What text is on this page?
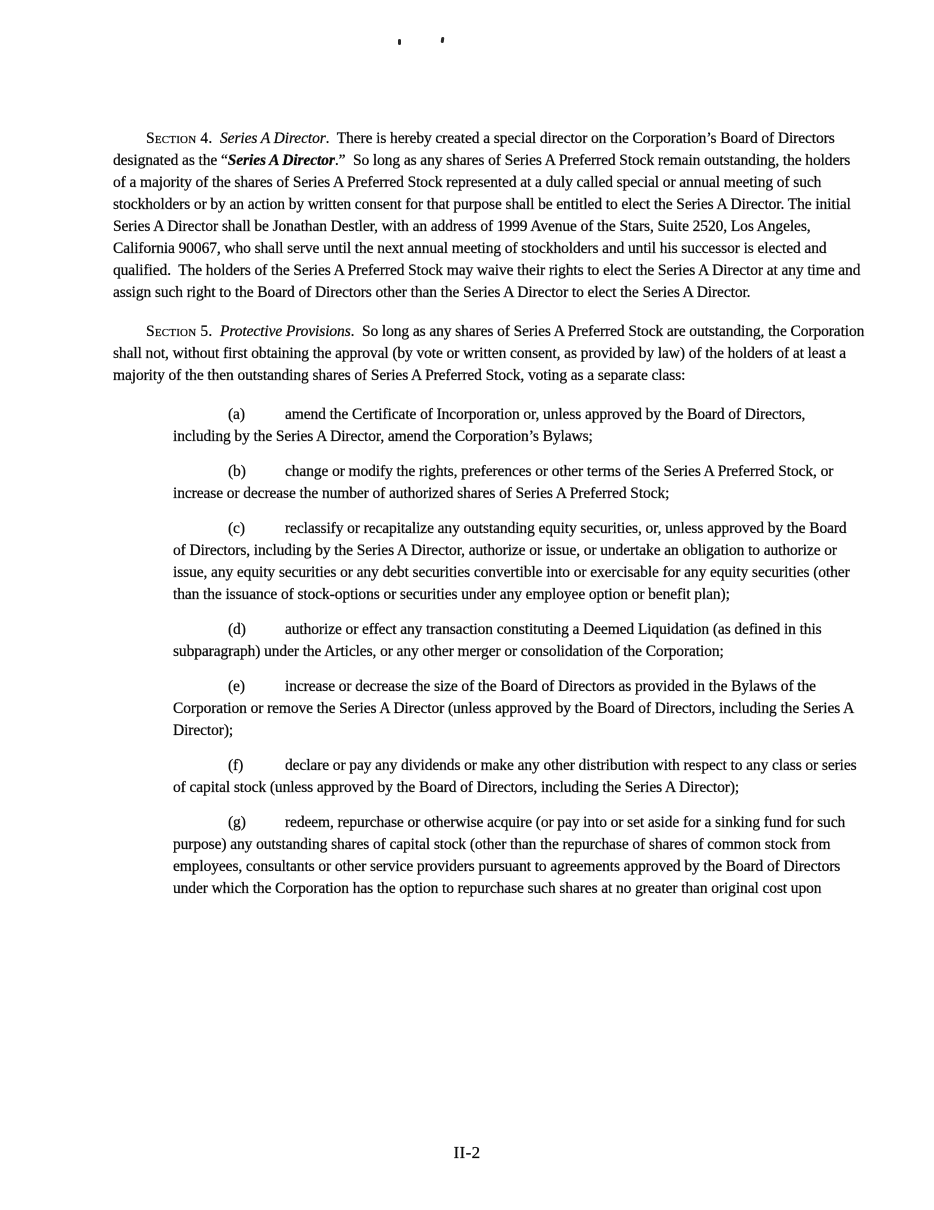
Section 4. Series A Director.  There is hereby created a special director on the Corporation’s Board of Directors designated as the “Series A Director.”  So long as any shares of Series A Preferred Stock remain outstanding, the holders of a majority of the shares of Series A Preferred Stock represented at a duly called special or annual meeting of such stockholders or by an action by written consent for that purpose shall be entitled to elect the Series A Director. The initial Series A Director shall be Jonathan Destler, with an address of 1999 Avenue of the Stars, Suite 2520, Los Angeles, California 90067, who shall serve until the next annual meeting of stockholders and until his successor is elected and qualified.  The holders of the Series A Preferred Stock may waive their rights to elect the Series A Director at any time and assign such right to the Board of Directors other than the Series A Director to elect the Series A Director.

Section 5. Protective Provisions.  So long as any shares of Series A Preferred Stock are outstanding, the Corporation shall not, without first obtaining the approval (by vote or written consent, as provided by law) of the holders of at least a majority of the then outstanding shares of Series A Preferred Stock, voting as a separate class:

(a)	amend the Certificate of Incorporation or, unless approved by the Board of Directors, including by the Series A Director, amend the Corporation’s Bylaws;

(b)	change or modify the rights, preferences or other terms of the Series A Preferred Stock, or increase or decrease the number of authorized shares of Series A Preferred Stock;

(c)	reclassify or recapitalize any outstanding equity securities, or, unless approved by the Board of Directors, including by the Series A Director, authorize or issue, or undertake an obligation to authorize or issue, any equity securities or any debt securities convertible into or exercisable for any equity securities (other than the issuance of stock-options or securities under any employee option or benefit plan);

(d)	authorize or effect any transaction constituting a Deemed Liquidation (as defined in this subparagraph) under the Articles, or any other merger or consolidation of the Corporation;

(e)	increase or decrease the size of the Board of Directors as provided in the Bylaws of the Corporation or remove the Series A Director (unless approved by the Board of Directors, including the Series A Director);

(f)	declare or pay any dividends or make any other distribution with respect to any class or series of capital stock (unless approved by the Board of Directors, including the Series A Director);

(g)	redeem, repurchase or otherwise acquire (or pay into or set aside for a sinking fund for such purpose) any outstanding shares of capital stock (other than the repurchase of shares of common stock from employees, consultants or other service providers pursuant to agreements approved by the Board of Directors under which the Corporation has the option to repurchase such shares at no greater than original cost upon

II-2
